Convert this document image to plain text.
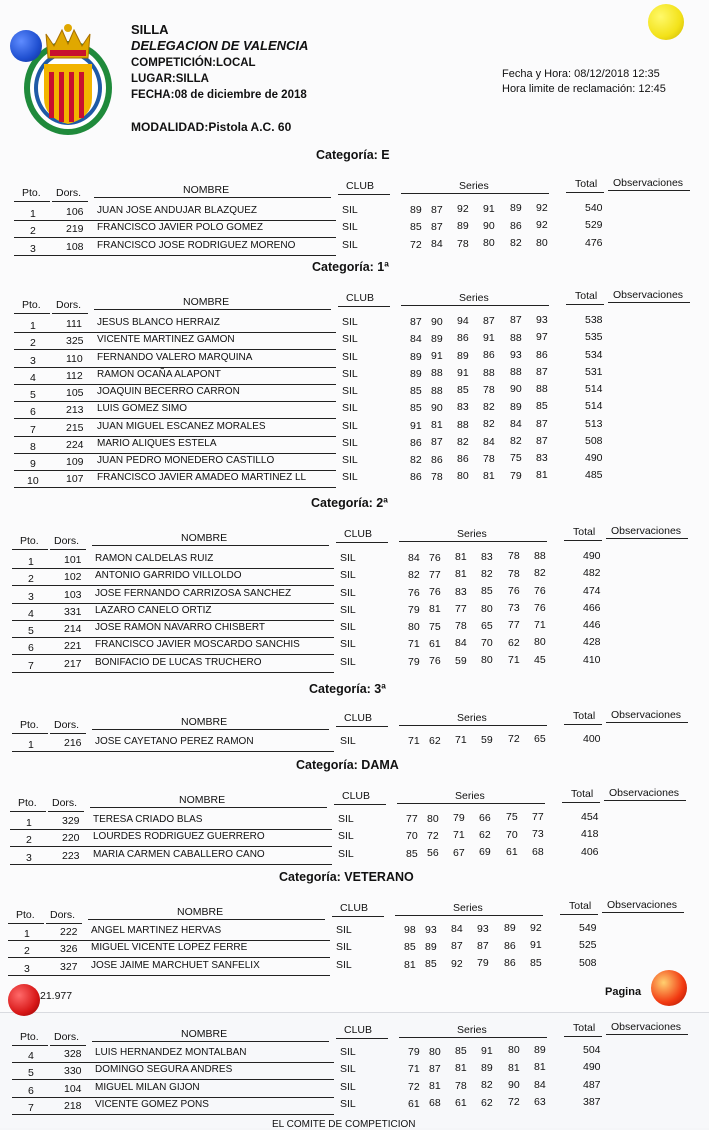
SILLA
DELEGACION DE VALENCIA
COMPETICIÓN:LOCAL
LUGAR:SILLA
FECHA:08 de diciembre de 2018
MODALIDAD:Pistola A.C. 60
Fecha y Hora: 08/12/2018 12:35
Hora limite de reclamación: 12:45
Categoría: E
Pto. Dors.	NOMBRE	CLUB	Series	Total Observaciones
1	106 JUAN JOSE ANDUJAR BLAZQUEZ	SIL	89 87 92 91 89 92	540
2	219 FRANCISCO JAVIER POLO GOMEZ	SIL	85 87 89 90 86 92	529
3	108 FRANCISCO JOSE RODRIGUEZ MORENO	SIL	72 84 78 80 82 80	476
Categoría: 1ª
Pto. Dors.	NOMBRE	CLUB	Series	Total Observaciones
1	111 JESUS BLANCO HERRAIZ	SIL	87 90 94 87 87 93	538
2	325 VICENTE MARTINEZ GAMON	SIL	84 89 86 91 88 97	535
3	110 FERNANDO VALERO MARQUINA	SIL	89 91 89 86 93 86	534
4	112 RAMON OCAÑA ALAPONT	SIL	89 88 91 88 88 87	531
5	105 JOAQUIN BECERRO CARRON	SIL	85 88 85 78 90 88	514
6	213 LUIS GOMEZ SIMO	SIL	85 90 83 82 89 85	514
7	215 JUAN MIGUEL ESCANEZ MORALES	SIL	91 81 88 82 84 87	513
8	224 MARIO ALIQUES ESTELA	SIL	86 87 82 84 82 87	508
9	109 JUAN PEDRO MONEDERO CASTILLO	SIL	82 86 86 78 75 83	490
10	107 FRANCISCO JAVIER AMADEO MARTINEZ LL	SIL	86 78 80 81 79 81	485
Categoría: 2ª
Pto. Dors.	NOMBRE	CLUB	Series	Total Observaciones
1	101 RAMON CALDELAS RUIZ	SIL	84 76 81 83 78 88	490
2	102 ANTONIO GARRIDO VILLOLDO	SIL	82 77 81 82 78 82	482
3	103 JOSE FERNANDO CARRIZOSA SANCHEZ	SIL	76 76 83 85 76 76	474
4	331 LAZARO CANELO ORTIZ	SIL	79 81 77 80 73 76	466
5	214 JOSE RAMON NAVARRO CHISBERT	SIL	80 75 78 65 77 71	446
6	221 FRANCISCO JAVIER MOSCARDO SANCHIS	SIL	71 61 84 70 62 80	428
7	217 BONIFACIO DE LUCAS TRUCHERO	SIL	79 76 59 80 71 45	410
Categoría: 3ª
Pto. Dors.	NOMBRE	CLUB	Series	Total Observaciones
1	216 JOSE CAYETANO PEREZ RAMON	SIL	71 62 71 59 72 65	400
Categoría: DAMA
Pto. Dors.	NOMBRE	CLUB	Series	Total Observaciones
1	329 TERESA CRIADO BLAS	SIL	77 80 79 66 75 77	454
2	220 LOURDES RODRIGUEZ GUERRERO	SIL	70 72 71 62 70 73	418
3	223 MARIA CARMEN CABALLERO CANO	SIL	85 56 67 69 61 68	406
Categoría: VETERANO
Pto. Dors.	NOMBRE	CLUB	Series	Total Observaciones
1	222 ANGEL MARTINEZ HERVAS	SIL	98 93 84 93 89 92	549
2	326 MIGUEL VICENTE LOPEZ FERRE	SIL	85 89 87 87 86 91	525
3	327 JOSE JAIME MARCHUET SANFELIX	SIL	81 85 92 79 86 85	508
Pto. Dors.	NOMBRE	CLUB	Series	Total Observaciones
4	328 LUIS HERNANDEZ MONTALBAN	SIL	79 80 85 91 80 89	504
5	330 DOMINGO SEGURA ANDRES	SIL	71 87 81 89 81 81	490
6	104 MIGUEL MILAN GIJON	SIL	72 81 78 82 90 84	487
7	218 VICENTE GOMEZ PONS	SIL	61 68 61 62 72 63	387
21.977	Pagina
EL COMITE DE COMPETICION
